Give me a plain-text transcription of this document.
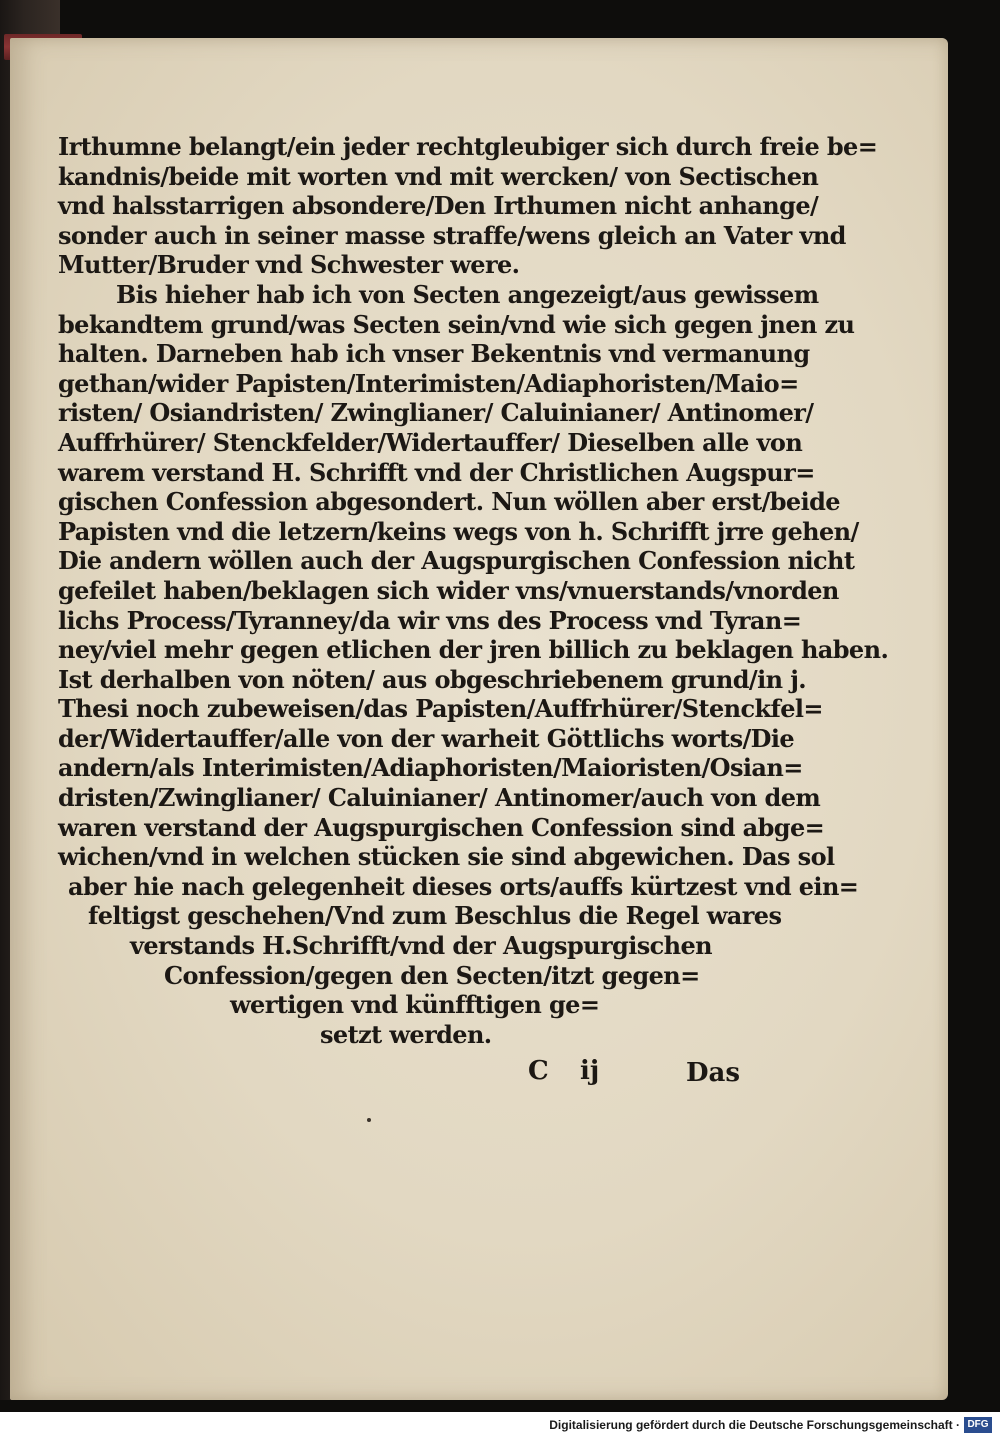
Irthumne belangt/ein jeder rechtgleubiger sich durch freie be=
kandnis/beide mit worten vnd mit wercken/ von Sectischen
vnd halsstarrigen absondere/Den Irthumen nicht anhange/
sonder auch in seiner masse straffe/wens gleich an Vater vnd
Mutter/Bruder vnd Schwester were.
Bis hieher hab ich von Secten angezeigt/aus gewissem
bekandtem grund/was Secten sein/vnd wie sich gegen jnen zu
halten. Darneben hab ich vnser Bekentnis vnd vermanung
gethan/wider Papisten/Interimisten/Adiaphoristen/Maio=
risten/ Osiandristen/ Zwinglianer/ Caluinianer/ Antinomer/
Auffrhürer/ Stenckfelder/Widertauffer/ Dieselben alle von
warem verstand H. Schrifft vnd der Christlichen Augspur=
gischen Confession abgesondert. Nun wöllen aber erst/beide
Papisten vnd die letzern/keins wegs von h. Schrifft jrre gehen/
Die andern wöllen auch der Augspurgischen Confession nicht
gefeilet haben/beklagen sich wider vns/vnuerstands/vnorden
lichs Process/Tyranney/da wir vns des Process vnd Tyran=
ney/viel mehr gegen etlichen der jren billich zu beklagen haben.
Ist derhalben von nöten/ aus obgeschriebenem grund/in j.
Thesi noch zubeweisen/das Papisten/Auffrhürer/Stenckfel=
der/Widertauffer/alle von der warheit Göttlichs worts/Die
andern/als Interimisten/Adiaphoristen/Maioristen/Osian=
dristen/Zwinglianer/ Caluinianer/ Antinomer/auch von dem
waren verstand der Augspurgischen Confession sind abge=
wichen/vnd in welchen stücken sie sind abgewichen. Das sol
aber hie nach gelegenheit dieses orts/auffs kürtzest vnd ein=
feltigst geschehen/Vnd zum Beschlus die Regel wares
verstands H.Schrifft/vnd der Augspurgischen
Confession/gegen den Secten/itzt gegen=
wertigen vnd künfftigen ge=
setzt werden.
C ij	Das
Digitalisierung gefördert durch die Deutsche Forschungsgemeinschaft · DFG
